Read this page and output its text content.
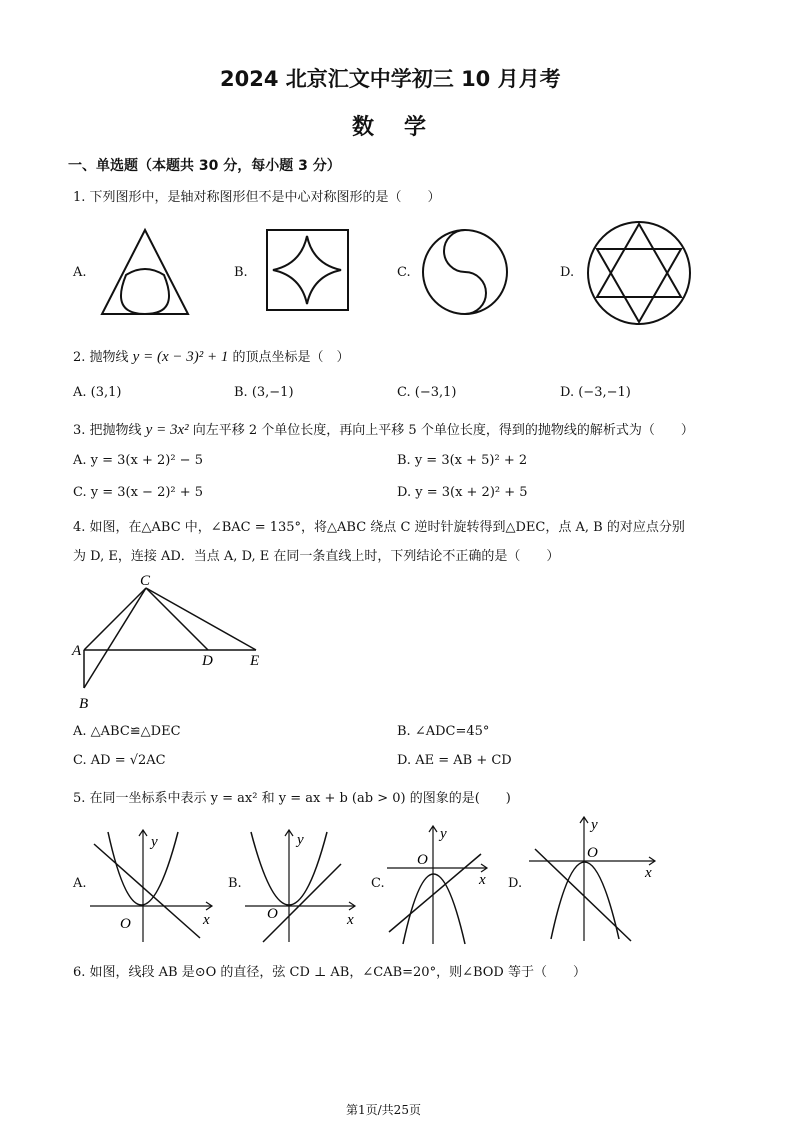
2024 北京汇文中学初三 10 月月考
数学
一、单选题（本题共 30 分，每小题 3 分）
1. 下列图形中，是轴对称图形但不是中心对称图形的是（　　）
A.	B.	C.	D.
2. 抛物线 y = (x − 3)² + 1 的顶点坐标是（　）
A. (3,1)	B. (3,−1)	C. (−3,1)	D. (−3,−1)
3. 把抛物线 y = 3x² 向左平移 2 个单位长度，再向上平移 5 个单位长度，得到的抛物线的解析式为（　　）
A. y = 3(x + 2)² − 5	B. y = 3(x + 5)² + 2
C. y = 3(x − 2)² + 5	D. y = 3(x + 2)² + 5
4. 如图，在△ABC 中，∠BAC = 135°，将△ABC 绕点 C 逆时针旋转得到△DEC，点 A, B 的对应点分别
为 D, E，连接 AD．当点 A, D, E 在同一条直线上时，下列结论不正确的是（　　）
C
A
D E
B
A. △ABC≌△DEC	B. ∠ADC=45°
C. AD = √2AC	D. AE = AB + CD
5. 在同一坐标系中表示 y = ax² 和 y = ax + b (ab > 0) 的图象的是(　　)
A.	B.	C.	D.
y
x
O
y
x
O
y
x
O
y
x
O
6. 如图，线段 AB 是⊙O 的直径，弦 CD ⊥ AB，∠CAB=20°，则∠BOD 等于（　　）
第1页/共25页
